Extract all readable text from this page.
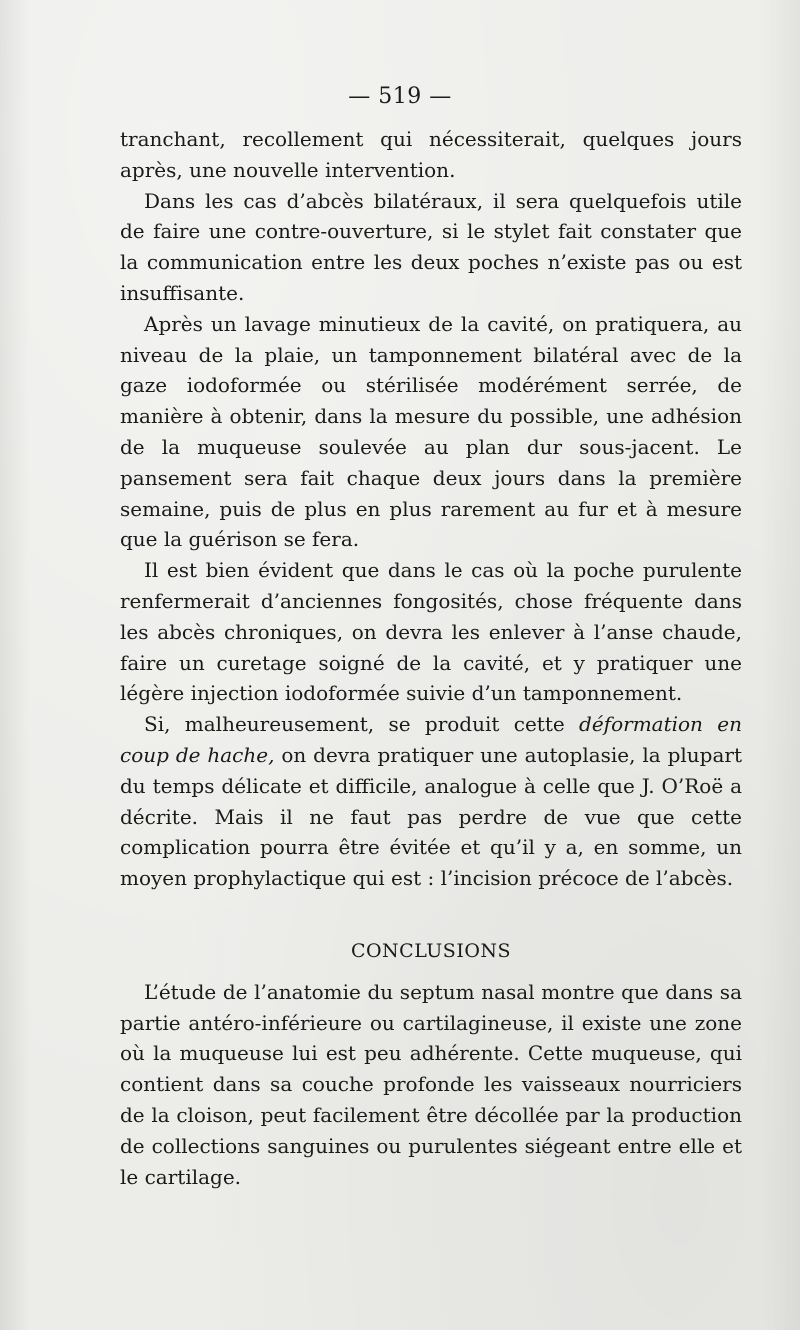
— 519 —

tranchant, recollement qui nécessiterait, quelques jours après, une nouvelle intervention.

Dans les cas d’abcès bilatéraux, il sera quelquefois utile de faire une contre-ouverture, si le stylet fait constater que la communication entre les deux poches n’existe pas ou est insuffisante.

Après un lavage minutieux de la cavité, on pratiquera, au niveau de la plaie, un tamponnement bilatéral avec de la gaze iodoformée ou stérilisée modérément serrée, de manière à obtenir, dans la mesure du possible, une adhésion de la muqueuse soulevée au plan dur sous-jacent. Le pansement sera fait chaque deux jours dans la première semaine, puis de plus en plus rarement au fur et à mesure que la guérison se fera.

Il est bien évident que dans le cas où la poche purulente renfermerait d’anciennes fongosités, chose fréquente dans les abcès chroniques, on devra les enlever à l’anse chaude, faire un curetage soigné de la cavité, et y pratiquer une légère injection iodoformée suivie d’un tamponnement.

Si, malheureusement, se produit cette déformation en coup de hache, on devra pratiquer une autoplasie, la plupart du temps délicate et difficile, analogue à celle que J. O’Roë a décrite. Mais il ne faut pas perdre de vue que cette complication pourra être évitée et qu’il y a, en somme, un moyen prophylactique qui est : l’incision précoce de l’abcès.

CONCLUSIONS

L’étude de l’anatomie du septum nasal montre que dans sa partie antéro-inférieure ou cartilagineuse, il existe une zone où la muqueuse lui est peu adhérente. Cette muqueuse, qui contient dans sa couche profonde les vaisseaux nourriciers de la cloison, peut facilement être décollée par la production de collections sanguines ou purulentes siégeant entre elle et le cartilage.
